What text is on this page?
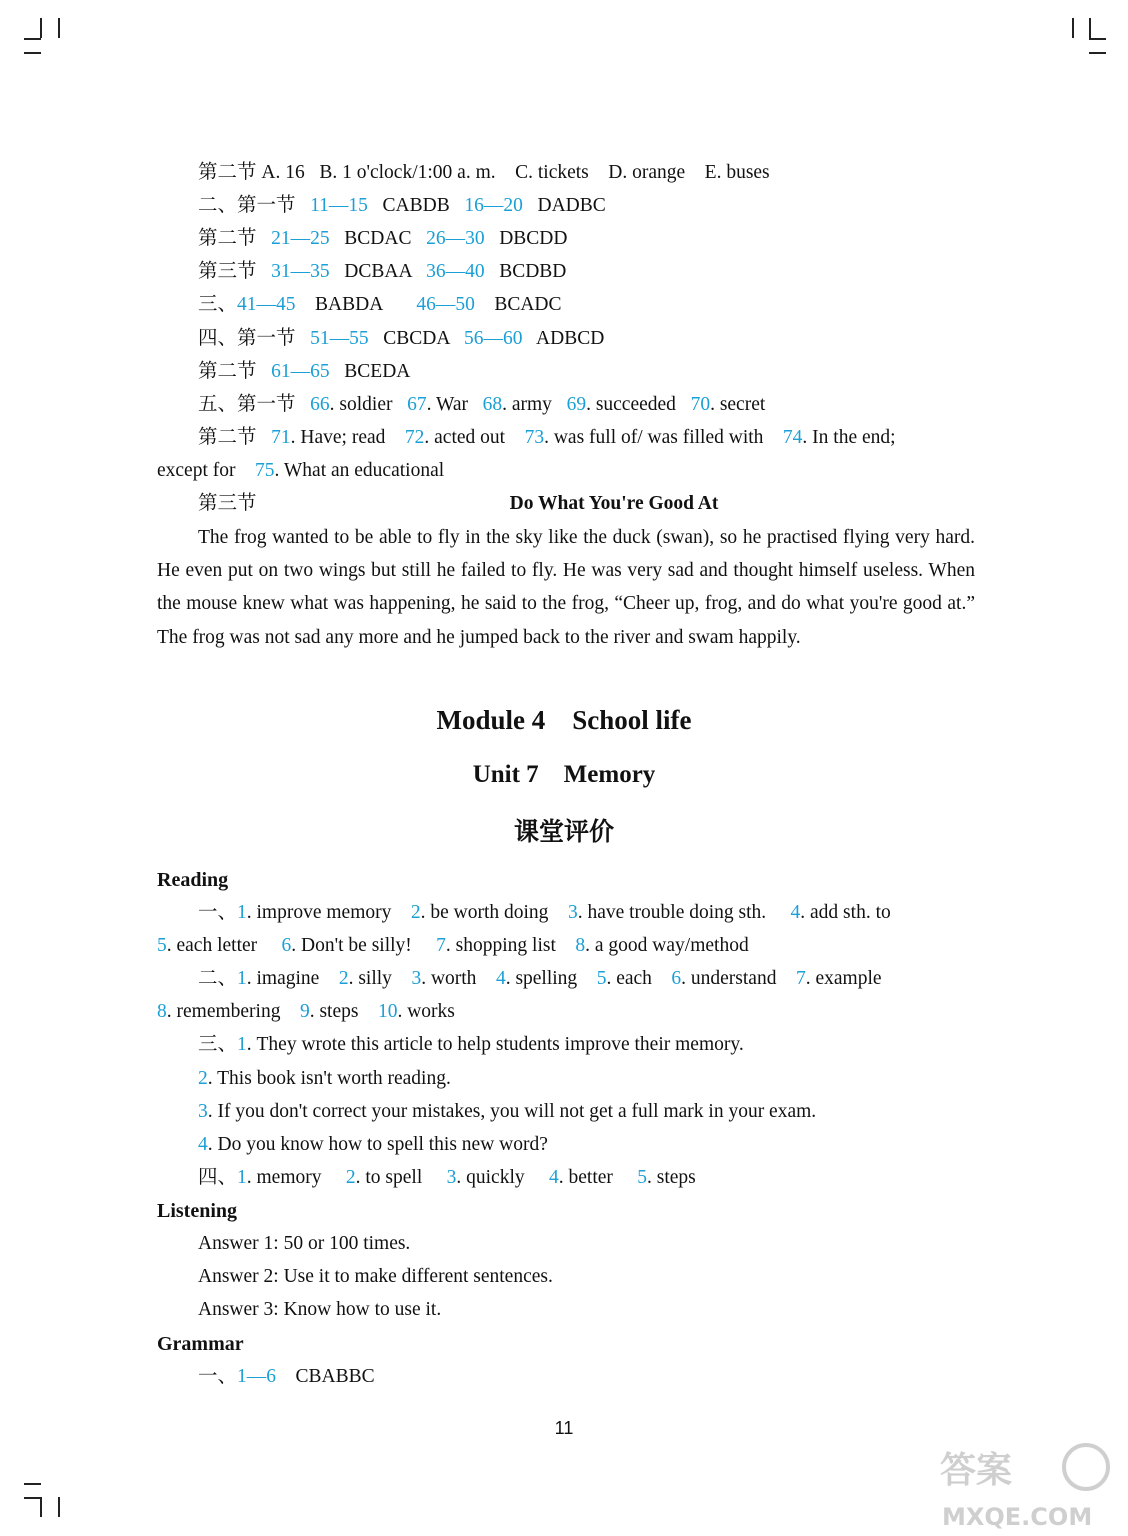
第二节 A. 16   B. 1 o'clock/1:00 a. m.    C. tickets    D. orange    E. buses
二、第一节   11—15   CABDB   16—20   DADBC
第二节   21—25   BCDAC   26—30   DBCDD
第三节   31—35   DCBAA   36—40   BCDBD
三、41—45    BABDA       46—50    BCADC
四、第一节   51—55   CBCDA   56—60   ADBCD
第二节   61—65   BCEDA
五、第一节   66. soldier   67. War   68. army   69. succeeded   70. secret
第二节   71. Have; read    72. acted out    73. was full of/ was filled with    74. In the end;
except for    75. What an educational
第三节	Do What You're Good At
The frog wanted to be able to fly in the sky like the duck (swan), so he practised flying very hard. He even put on two wings but still he failed to fly. He was very sad and thought himself useless. When the mouse knew what was happening, he said to the frog, “Cheer up, frog, and do what you're good at.” The frog was not sad any more and he jumped back to the river and swam happily.
Module 4    School life
Unit 7    Memory
课堂评价
Reading
一、1. improve memory    2. be worth doing    3. have trouble doing sth.     4. add sth. to
5. each letter     6. Don't be silly!     7. shopping list    8. a good way/method
二、1. imagine    2. silly    3. worth    4. spelling    5. each    6. understand    7. example
8. remembering    9. steps    10. works
三、1. They wrote this article to help students improve their memory.
2. This book isn't worth reading.
3. If you don't correct your mistakes, you will not get a full mark in your exam.
4. Do you know how to spell this new word?
四、1. memory     2. to spell     3. quickly     4. better     5. steps
Listening
Answer 1: 50 or 100 times.
Answer 2: Use it to make different sentences.
Answer 3: Know how to use it.
Grammar
一、1—6    CBABBC
11
答案
MXQE.COM
